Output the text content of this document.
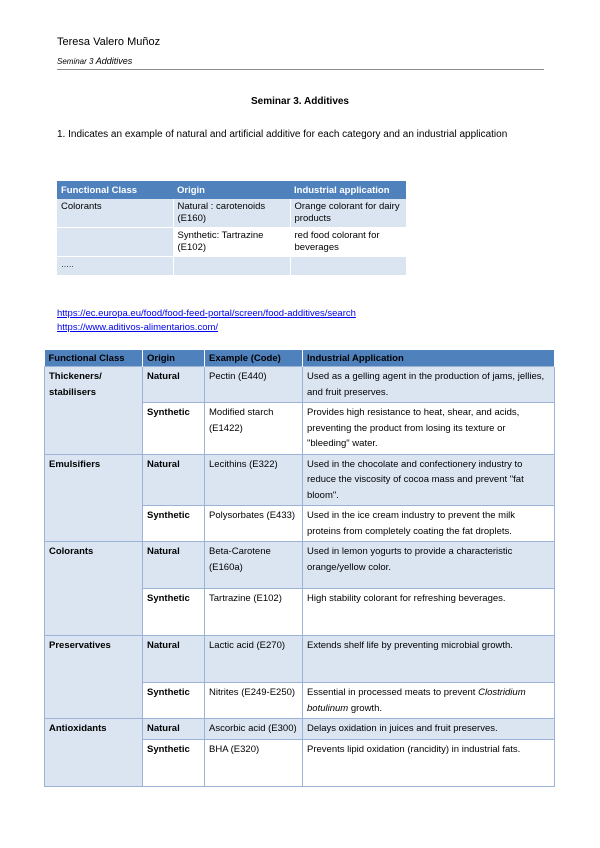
Teresa Valero Muñoz
Seminar 3 Additives
Seminar 3. Additives
1. Indicates an example of natural and artificial additive for each category and an industrial application
Functional Class	Origin	Industrial application
Colorants	Natural : carotenoids (E160)	Orange colorant for dairy products
	Synthetic: Tartrazine (E102)	red food colorant for beverages
…..		
https://ec.europa.eu/food/food-feed-portal/screen/food-additives/search
https://www.aditivos-alimentarios.com/
Functional Class	Origin	Example (Code)	Industrial Application
Thickeners/ stabilisers	Natural	Pectin (E440)	Used as a gelling agent in the production of jams, jellies, and fruit preserves.
	Synthetic	Modified starch (E1422)	Provides high resistance to heat, shear, and acids, preventing the product from losing its texture or "bleeding" water.
Emulsifiers	Natural	Lecithins (E322)	Used in the chocolate and confectionery industry to reduce the viscosity of cocoa mass and prevent "fat bloom".
	Synthetic	Polysorbates (E433)	Used in the ice cream industry to prevent the milk proteins from completely coating the fat droplets.
Colorants	Natural	Beta-Carotene (E160a)	Used in lemon yogurts to provide a characteristic orange/yellow color.
	Synthetic	Tartrazine (E102)	High stability colorant for refreshing beverages.
Preservatives	Natural	Lactic acid (E270)	Extends shelf life by preventing microbial growth.
	Synthetic	Nitrites (E249-E250)	Essential in processed meats to prevent Clostridium botulinum growth.
Antioxidants	Natural	Ascorbic acid (E300)	Delays oxidation in juices and fruit preserves.
	Synthetic	BHA (E320)	Prevents lipid oxidation (rancidity) in industrial fats.
